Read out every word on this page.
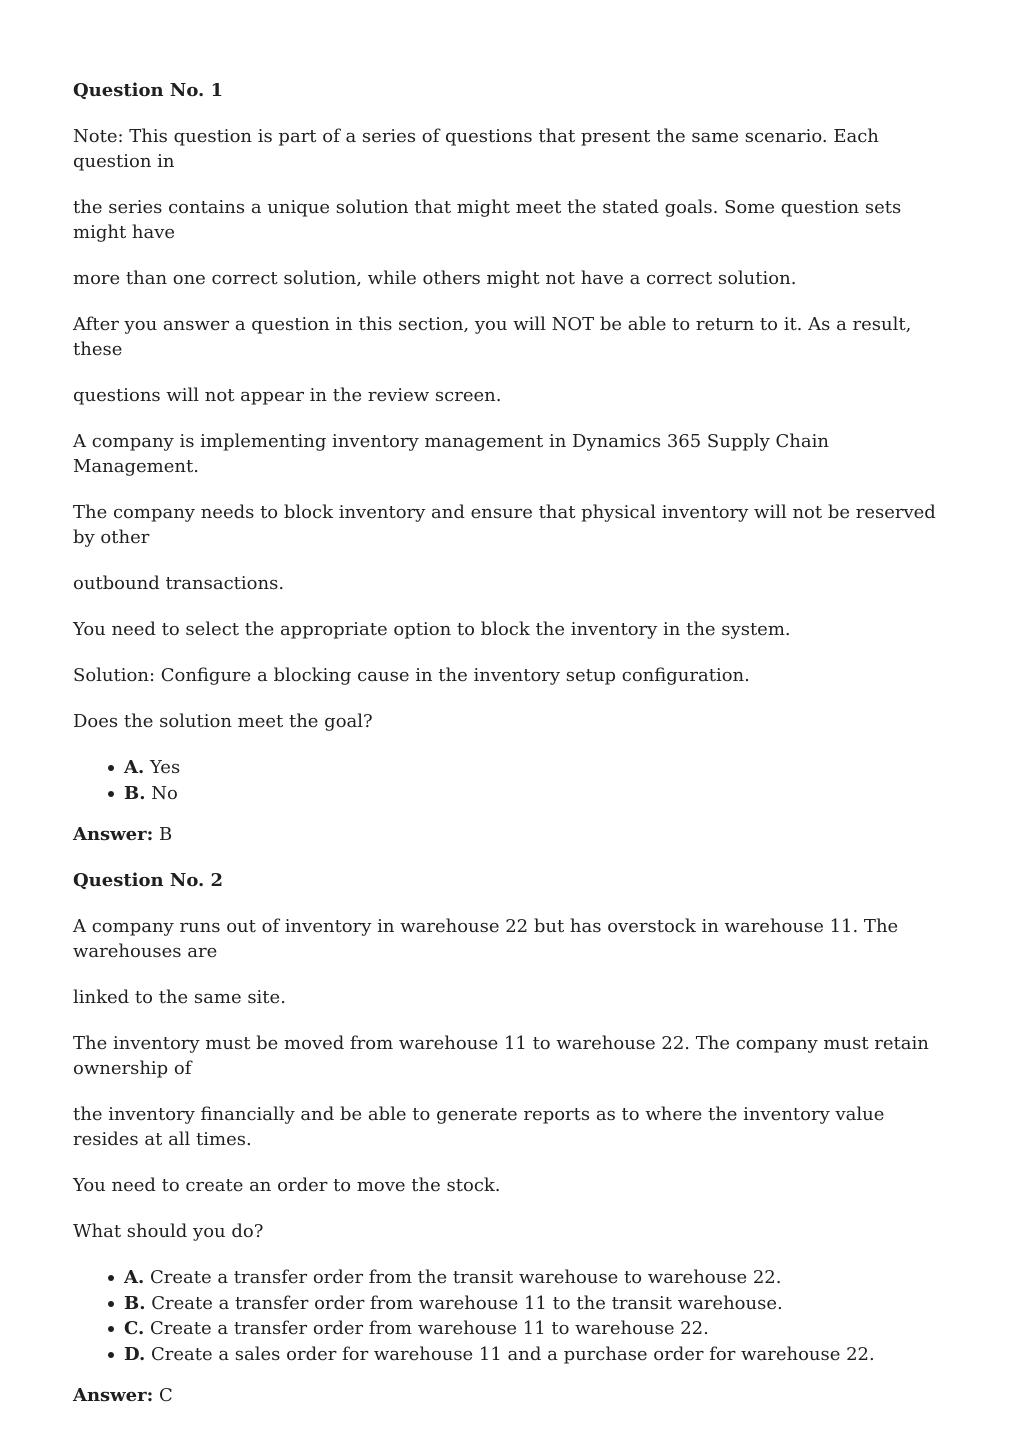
Question No. 1

Note: This question is part of a series of questions that present the same scenario. Each question in

the series contains a unique solution that might meet the stated goals. Some question sets might have

more than one correct solution, while others might not have a correct solution.

After you answer a question in this section, you will NOT be able to return to it. As a result, these

questions will not appear in the review screen.

A company is implementing inventory management in Dynamics 365 Supply Chain Management.

The company needs to block inventory and ensure that physical inventory will not be reserved by other

outbound transactions.

You need to select the appropriate option to block the inventory in the system.

Solution: Configure a blocking cause in the inventory setup configuration.

Does the solution meet the goal?

A. Yes
B. No

Answer: B

Question No. 2

A company runs out of inventory in warehouse 22 but has overstock in warehouse 11. The warehouses are

linked to the same site.

The inventory must be moved from warehouse 11 to warehouse 22. The company must retain ownership of

the inventory financially and be able to generate reports as to where the inventory value resides at all times.

You need to create an order to move the stock.

What should you do?

A. Create a transfer order from the transit warehouse to warehouse 22.
B. Create a transfer order from warehouse 11 to the transit warehouse.
C. Create a transfer order from warehouse 11 to warehouse 22.
D. Create a sales order for warehouse 11 and a purchase order for warehouse 22.

Answer: C
